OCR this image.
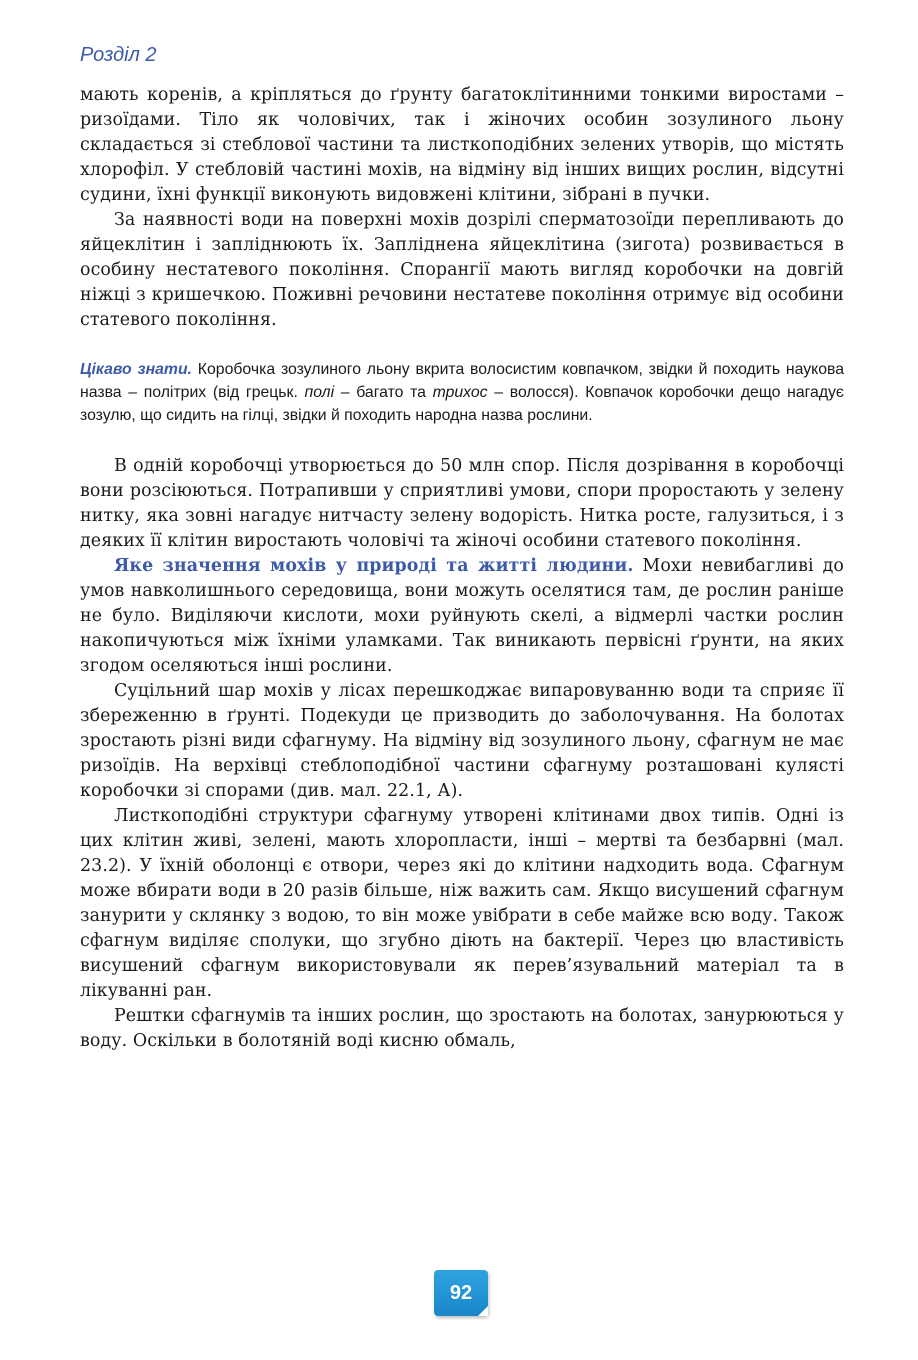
Розділ 2

мають коренів, а кріпляться до ґрунту багатоклітинними тонкими виростами – ризоїдами. Тіло як чоловічих, так і жіночих особин зозулиного льону складається зі стеблової частини та листкоподібних зелених утворів, що містять хлорофіл. У стебловій частині мохів, на відміну від інших вищих рослин, відсутні судини, їхні функції виконують видовжені клітини, зібрані в пучки.

За наявності води на поверхні мохів дозрілі сперматозоїди перепливають до яйцеклітин і запліднюють їх. Запліднена яйцеклітина (зигота) розвивається в особину нестатевого покоління. Спорангії мають вигляд коробочки на довгій ніжці з кришечкою. Поживні речовини нестатеве покоління отримує від особини статевого покоління.

Цікаво знати. Коробочка зозулиного льону вкрита волосистим ковпачком, звідки й походить наукова назва – політрих (від грецьк. полі – багато та трихос – волосся). Ковпачок коробочки дещо нагадує зозулю, що сидить на гілці, звідки й походить народна назва рослини.

В одній коробочці утворюється до 50 млн спор. Після дозрівання в коробочці вони розсіюються. Потрапивши у сприятливі умови, спори проростають у зелену нитку, яка зовні нагадує нитчасту зелену водорість. Нитка росте, галузиться, і з деяких її клітин виростають чоловічі та жіночі особини статевого покоління.

Яке значення мохів у природі та житті людини. Мохи невибагливі до умов навколишнього середовища, вони можуть оселятися там, де рослин раніше не було. Виділяючи кислоти, мохи руйнують скелі, а відмерлі частки рослин накопичуються між їхніми уламками. Так виникають первісні ґрунти, на яких згодом оселяються інші рослини.

Суцільний шар мохів у лісах перешкоджає випаровуванню води та сприяє її збереженню в ґрунті. Подекуди це призводить до заболочування. На болотах зростають різні види сфагнуму. На відміну від зозулиного льону, сфагнум не має ризоїдів. На верхівці стеблоподібної частини сфагнуму розташовані кулясті коробочки зі спорами (див. мал. 22.1, А).

Листкоподібні структури сфагнуму утворені клітинами двох типів. Одні із цих клітин живі, зелені, мають хлоропласти, інші – мертві та безбарвні (мал. 23.2). У їхній оболонці є отвори, через які до клітини надходить вода. Сфагнум може вбирати води в 20 разів більше, ніж важить сам. Якщо висушений сфагнум занурити у склянку з водою, то він може увібрати в себе майже всю воду. Також сфагнум виділяє сполуки, що згубно діють на бактерії. Через цю властивість висушений сфагнум використовували як перев’язувальний матеріал та в лікуванні ран.

Рештки сфагнумів та інших рослин, що зростають на болотах, занурюються у воду. Оскільки в болотяній воді кисню обмаль,

92
